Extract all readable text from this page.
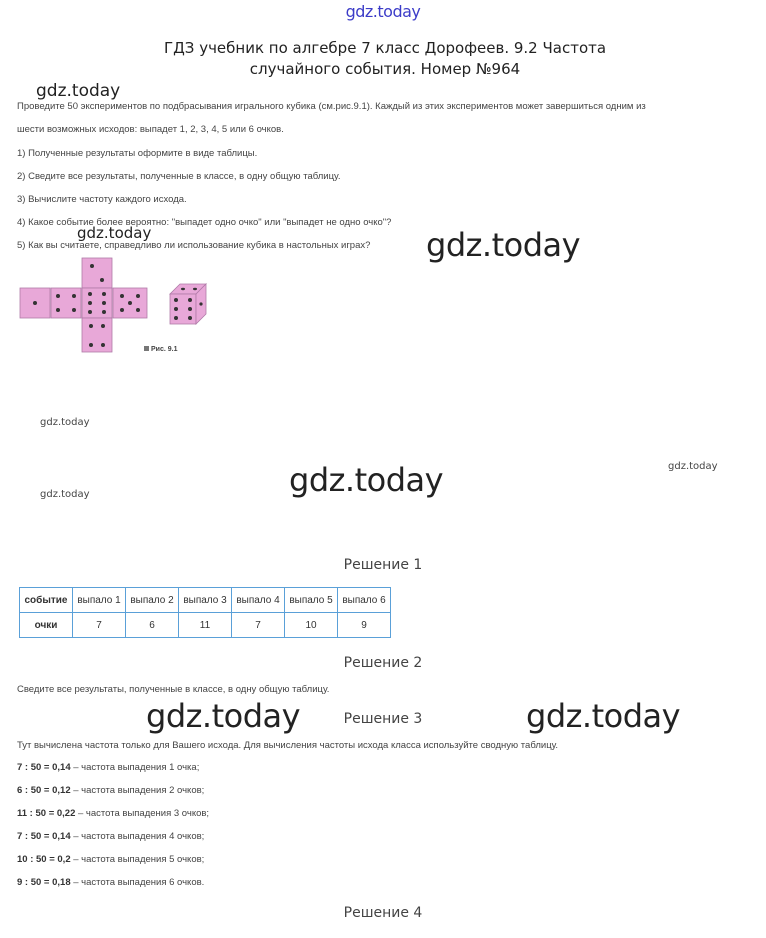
gdz.today
ГДЗ учебник по алгебре 7 класс Дорофеев. 9.2 Частота
случайного события. Номер №964
gdz.today
Проведите 50 экспериментов по подбрасывания игрального кубика (см.рис.9.1). Каждый из этих экспериментов может завершиться одним из
шести возможных исходов: выпадет 1, 2, 3, 4, 5 или 6 очков.
1) Полученные результаты оформите в виде таблицы.
2) Сведите все результаты, полученные в классе, в одну общую таблицу.
3) Вычислите частоту каждого исхода.
4) Какое событие более вероятно: "выпадет одно очко" или "выпадет не одно очко"?
5) Как вы считаете, справедливо ли использование кубика в настольных играх?
gdz.today	gdz.today
Рис. 9.1
gdz.today
gdz.today	gdz.today
gdz.today
Решение 1
событие	выпало 1	выпало 2	выпало 3	выпало 4	выпало 5	выпало 6
очки	7	6	11	7	10	9
Решение 2
Сведите все результаты, полученные в классе, в одну общую таблицу.
gdz.today	Решение 3	gdz.today
Тут вычислена частота только для Вашего исхода. Для вычисления частоты исхода класса используйте сводную таблицу.
7 : 50 = 0,14 – частота выпадения 1 очка;
6 : 50 = 0,12 – частота выпадения 2 очков;
11 : 50 = 0,22 – частота выпадения 3 очков;
7 : 50 = 0,14 – частота выпадения 4 очков;
10 : 50 = 0,2 – частота выпадения 5 очков;
9 : 50 = 0,18 – частота выпадения 6 очков.
Решение 4
